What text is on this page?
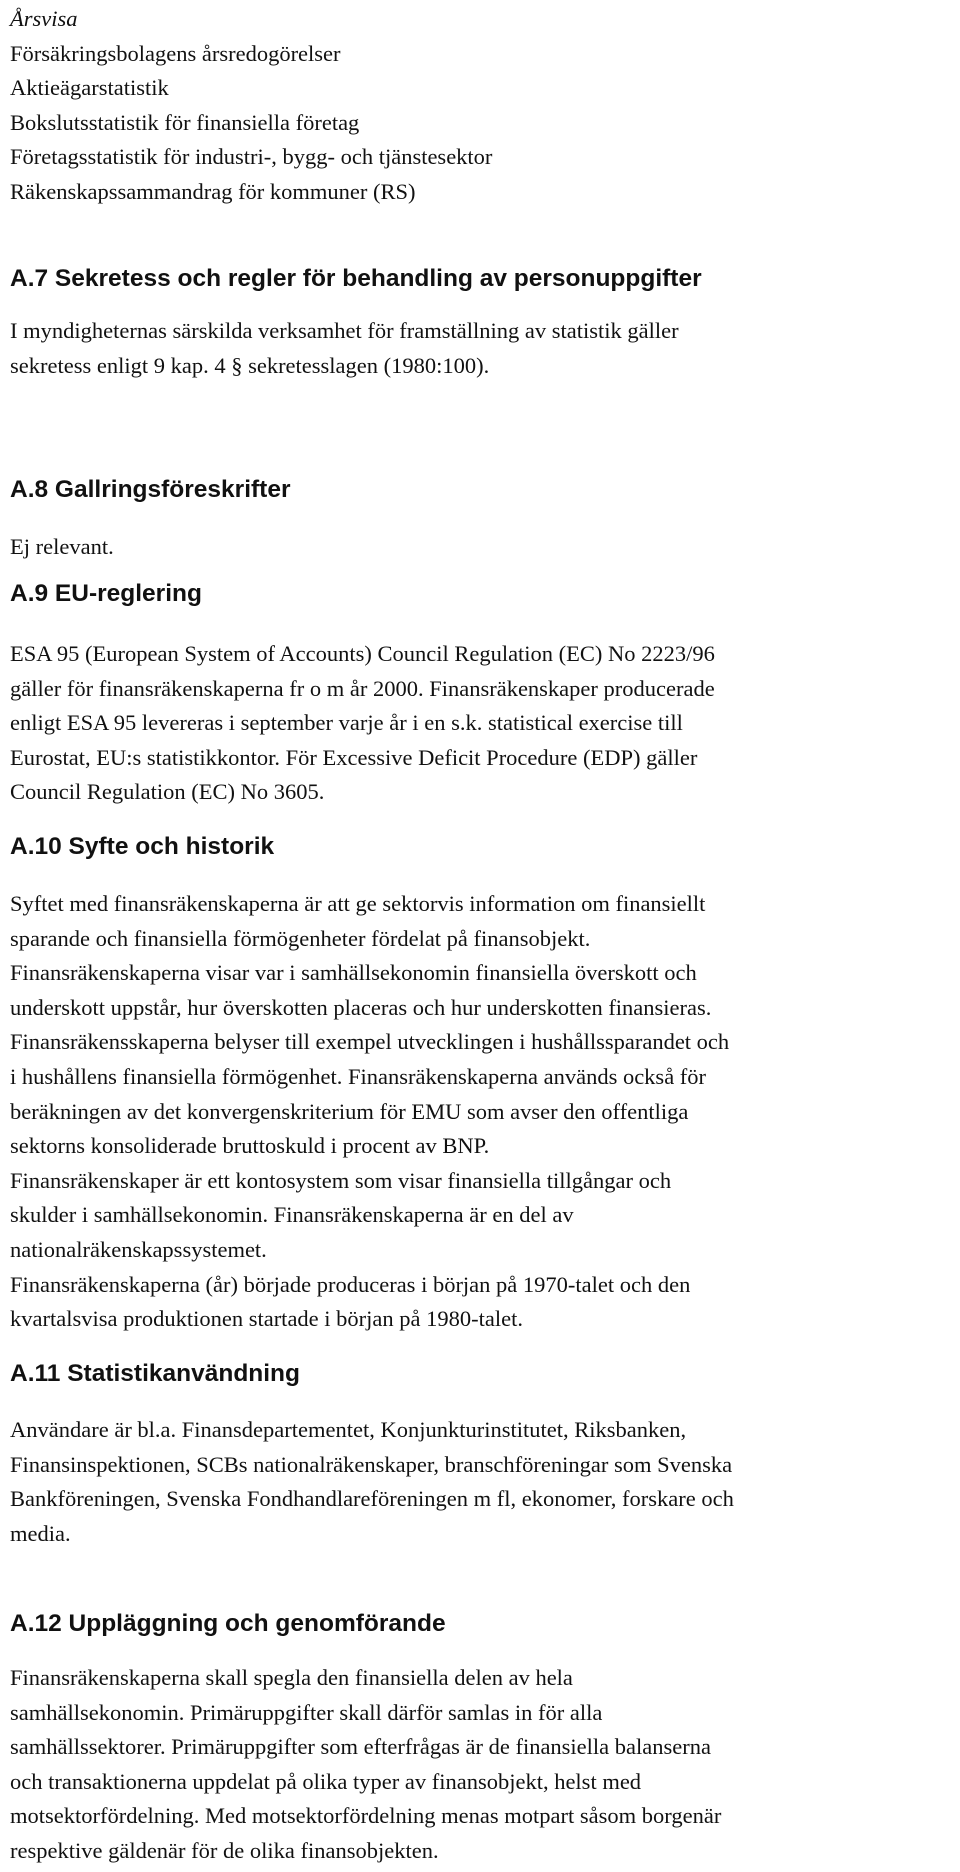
Årsvisa
Försäkringsbolagens årsredogörelser
Aktieägarstatistik
Bokslutsstatistik för finansiella företag
Företagsstatistik för industri-, bygg- och tjänstesektor
Räkenskapssammandrag för kommuner (RS)
A.7 Sekretess och regler för behandling av personuppgifter
I myndigheternas särskilda verksamhet för framställning av statistik gäller
sekretess enligt 9 kap. 4 § sekretesslagen (1980:100).
A.8 Gallringsföreskrifter
Ej relevant.
A.9 EU-reglering
ESA 95 (European System of Accounts) Council Regulation (EC) No 2223/96
gäller för finansräkenskaperna fr o m år 2000. Finansräkenskaper producerade
enligt ESA 95 levereras i september varje år i en s.k. statistical exercise till
Eurostat, EU:s statistikkontor. För Excessive Deficit Procedure (EDP) gäller
Council Regulation (EC) No 3605.
A.10 Syfte och historik
Syftet med finansräkenskaperna är att ge sektorvis information om finansiellt
sparande och finansiella förmögenheter fördelat på finansobjekt.
Finansräkenskaperna visar var i samhällsekonomin finansiella överskott och
underskott uppstår, hur överskotten placeras och hur underskotten finansieras.
Finansräkensskaperna belyser till exempel utvecklingen i hushållssparandet och
i hushållens finansiella förmögenhet. Finansräkenskaperna används också för
beräkningen av det konvergenskriterium för EMU som avser den offentliga
sektorns konsoliderade bruttoskuld i procent av BNP.
Finansräkenskaper är ett kontosystem som visar finansiella tillgångar och
skulder i samhällsekonomin. Finansräkenskaperna är en del av
nationalräkenskapssystemet.
Finansräkenskaperna (år) började produceras i början på 1970-talet och den
kvartalsvisa produktionen startade i början på 1980-talet.
A.11 Statistikanvändning
Användare är bl.a. Finansdepartementet, Konjunkturinstitutet, Riksbanken,
Finansinspektionen, SCBs nationalräkenskaper, branschföreningar som Svenska
Bankföreningen, Svenska Fondhandlareföreningen m fl, ekonomer, forskare och
media.
A.12 Uppläggning och genomförande
Finansräkenskaperna skall spegla den finansiella delen av hela
samhällsekonomin. Primäruppgifter skall därför samlas in för alla
samhällssektorer. Primäruppgifter som efterfrågas är de finansiella balanserna
och transaktionerna uppdelat på olika typer av finansobjekt, helst med
motsektorfördelning. Med motsektorfördelning menas motpart såsom borgenär
respektive gäldenär för de olika finansobjekten.
